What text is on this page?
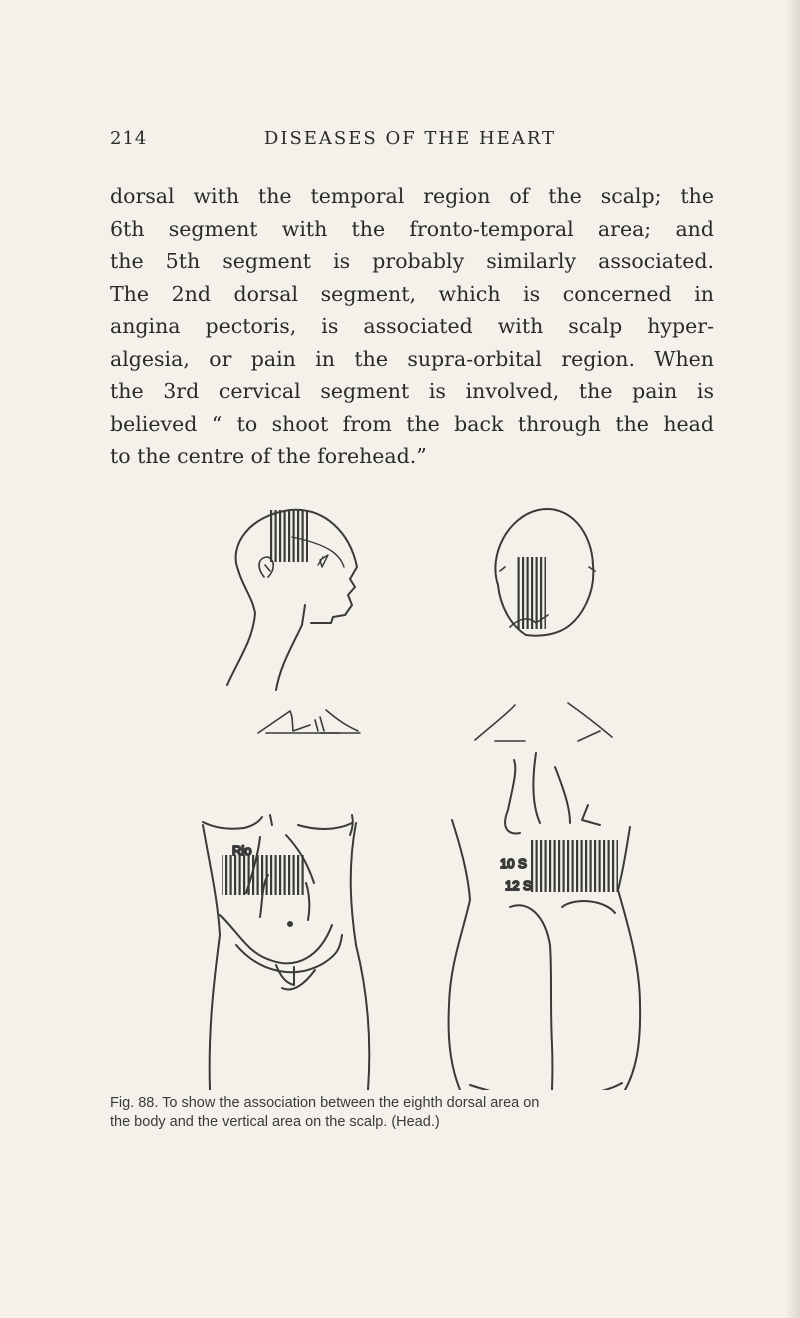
214	DISEASES OF THE HEART
dorsal with the temporal region of the scalp; the
6th segment with the fronto-temporal area; and
the 5th segment is probably similarly associated.
The 2nd dorsal segment, which is concerned in
angina pectoris, is associated with scalp hyper-
algesia, or pain in the supra-orbital region. When
the 3rd cervical segment is involved, the pain is
believed “ to shoot from the back through the head
to the centre of the forehead.”
Rio
10 S
12 S
Fig. 88. To show the association between the eighth dorsal area on
the body and the vertical area on the scalp. (Head.)
